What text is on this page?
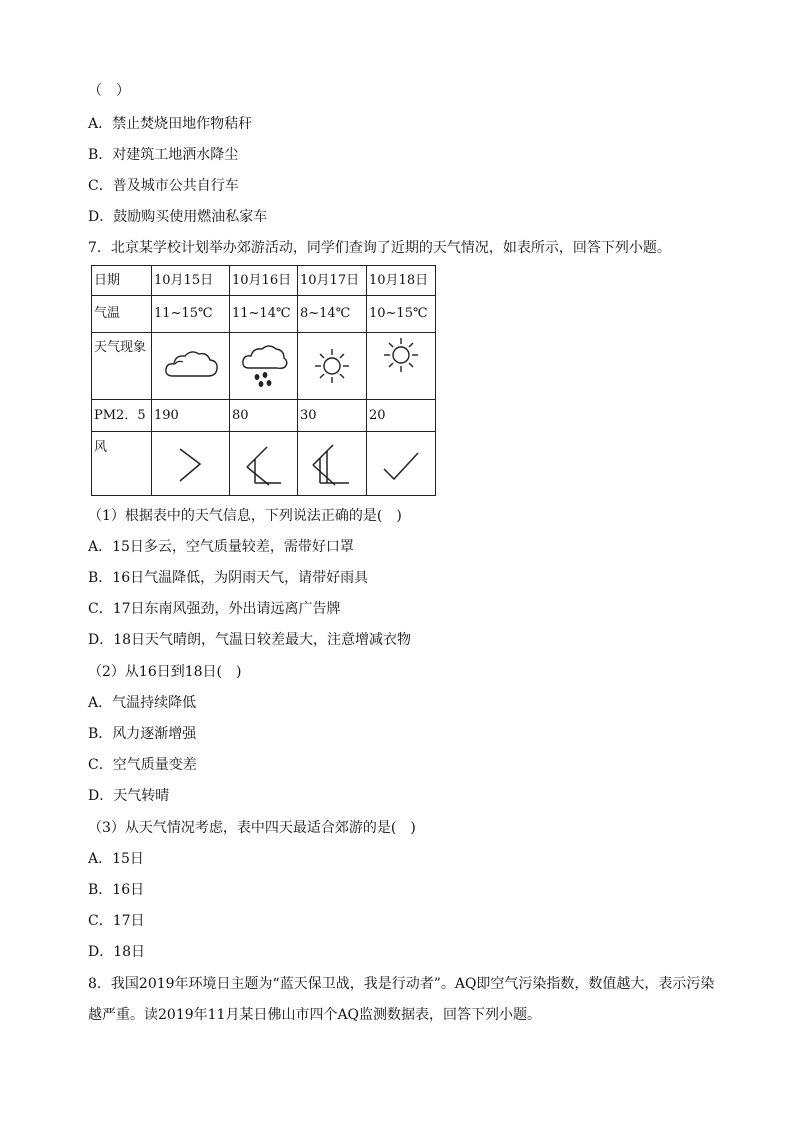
（　）
A．禁止焚烧田地作物秸秆
B．对建筑工地洒水降尘
C．普及城市公共自行车
D．鼓励购买使用燃油私家车
7．北京某学校计划举办郊游活动，同学们查询了近期的天气情况，如表所示，回答下列小题。
日期	10月15日	10月16日	10月17日	10月18日
气温	11~15℃	11~14℃	8~14℃	10~15℃
天气现象	

PM2．5	190	80	30	20
风	

（1）根据表中的天气信息，下列说法正确的是(　)
A．15日多云，空气质量较差，需带好口罩
B．16日气温降低，为阴雨天气，请带好雨具
C．17日东南风强劲，外出请远离广告牌
D．18日天气晴朗，气温日较差最大，注意增减衣物
（2）从16日到18日(　)
A．气温持续降低
B．风力逐渐增强
C．空气质量变差
D．天气转晴
（3）从天气情况考虑，表中四天最适合郊游的是(　)
A．15日
B．16日
C．17日
D．18日
8．我国2019年环境日主题为“蓝天保卫战，我是行动者”。AQ即空气污染指数，数值越大，表示污染越严重。读2019年11月某日佛山市四个AQ监测数据表，回答下列小题。
